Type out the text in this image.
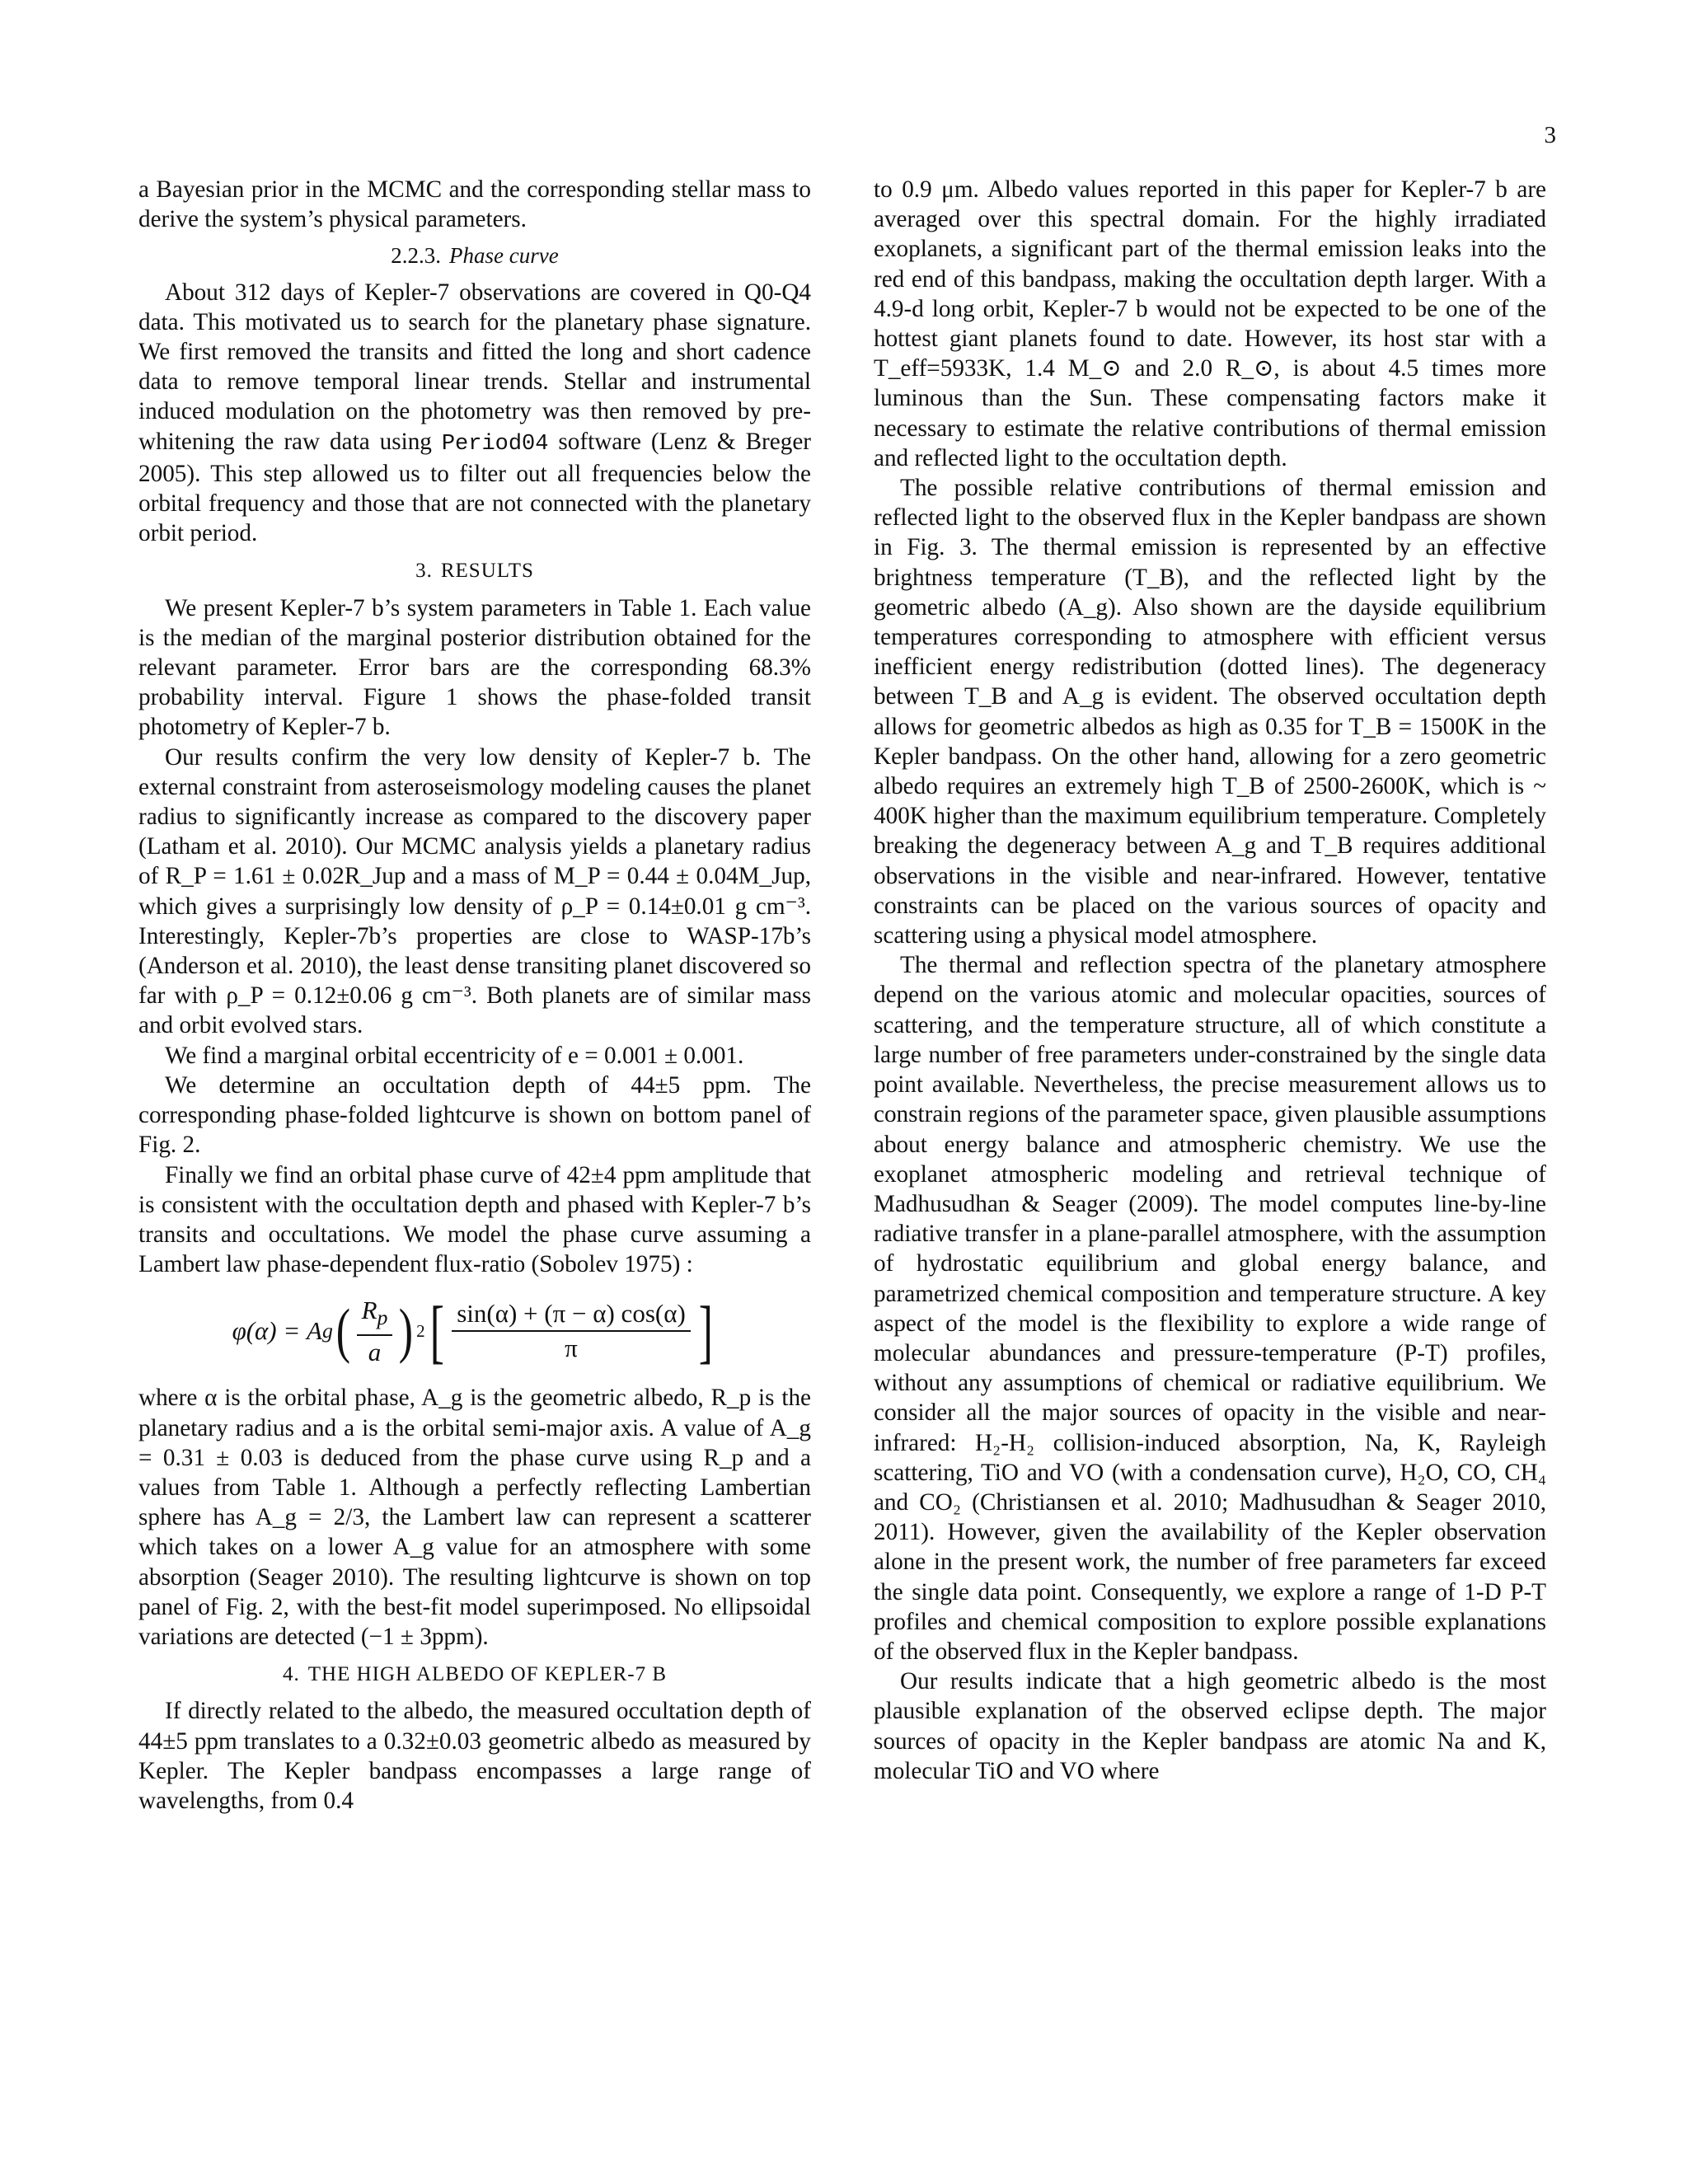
3

a Bayesian prior in the MCMC and the corresponding stellar mass to derive the system’s physical parameters.

2.2.3. Phase curve

About 312 days of Kepler-7 observations are covered in Q0-Q4 data. This motivated us to search for the planetary phase signature. We first removed the transits and fitted the long and short cadence data to remove temporal linear trends. Stellar and instrumental induced modulation on the photometry was then removed by pre-whitening the raw data using Period04 software (Lenz & Breger 2005). This step allowed us to filter out all frequencies below the orbital frequency and those that are not connected with the planetary orbit period.

3. RESULTS

We present Kepler-7 b’s system parameters in Table 1. Each value is the median of the marginal posterior distribution obtained for the relevant parameter. Error bars are the corresponding 68.3% probability interval. Figure 1 shows the phase-folded transit photometry of Kepler-7 b.

Our results confirm the very low density of Kepler-7 b. The external constraint from asteroseismology modeling causes the planet radius to significantly increase as compared to the discovery paper (Latham et al. 2010). Our MCMC analysis yields a planetary radius of R_P = 1.61 ± 0.02R_Jup and a mass of M_P = 0.44 ± 0.04M_Jup, which gives a surprisingly low density of ρ_P = 0.14±0.01 g cm⁻³. Interestingly, Kepler-7b’s properties are close to WASP-17b’s (Anderson et al. 2010), the least dense transiting planet discovered so far with ρ_P = 0.12±0.06 g cm⁻³. Both planets are of similar mass and orbit evolved stars.

We find a marginal orbital eccentricity of e = 0.001 ± 0.001.

We determine an occultation depth of 44±5 ppm. The corresponding phase-folded lightcurve is shown on bottom panel of Fig. 2.

Finally we find an orbital phase curve of 42±4 ppm amplitude that is consistent with the occultation depth and phased with Kepler-7 b’s transits and occultations. We model the phase curve assuming a Lambert law phase-dependent flux-ratio (Sobolev 1975) :

φ(α) = A g ( $\frac{R_p}{a}$ ) 2 [ $\frac{\sin(\alpha) + (\pi - \alpha) \cos(\alpha)}{\pi}$ ]

where α is the orbital phase, A_g is the geometric albedo, R_p is the planetary radius and a is the orbital semi-major axis. A value of A_g = 0.31 ± 0.03 is deduced from the phase curve using R_p and a values from Table 1. Although a perfectly reflecting Lambertian sphere has A_g = 2/3, the Lambert law can represent a scatterer which takes on a lower A_g value for an atmosphere with some absorption (Seager 2010). The resulting lightcurve is shown on top panel of Fig. 2, with the best-fit model superimposed. No ellipsoidal variations are detected (−1 ± 3ppm).

4. THE HIGH ALBEDO OF KEPLER-7 B

If directly related to the albedo, the measured occultation depth of 44±5 ppm translates to a 0.32±0.03 geometric albedo as measured by Kepler. The Kepler bandpass encompasses a large range of wavelengths, from 0.4

to 0.9 μm. Albedo values reported in this paper for Kepler-7 b are averaged over this spectral domain. For the highly irradiated exoplanets, a significant part of the thermal emission leaks into the red end of this bandpass, making the occultation depth larger. With a 4.9-d long orbit, Kepler-7 b would not be expected to be one of the hottest giant planets found to date. However, its host star with a T_eff=5933K, 1.4 M_⊙ and 2.0 R_⊙, is about 4.5 times more luminous than the Sun. These compensating factors make it necessary to estimate the relative contributions of thermal emission and reflected light to the occultation depth.

The possible relative contributions of thermal emission and reflected light to the observed flux in the Kepler bandpass are shown in Fig. 3. The thermal emission is represented by an effective brightness temperature (T_B), and the reflected light by the geometric albedo (A_g). Also shown are the dayside equilibrium temperatures corresponding to atmosphere with efficient versus inefficient energy redistribution (dotted lines). The degeneracy between T_B and A_g is evident. The observed occultation depth allows for geometric albedos as high as 0.35 for T_B = 1500K in the Kepler bandpass. On the other hand, allowing for a zero geometric albedo requires an extremely high T_B of 2500-2600K, which is ~ 400K higher than the maximum equilibrium temperature. Completely breaking the degeneracy between A_g and T_B requires additional observations in the visible and near-infrared. However, tentative constraints can be placed on the various sources of opacity and scattering using a physical model atmosphere.

The thermal and reflection spectra of the planetary atmosphere depend on the various atomic and molecular opacities, sources of scattering, and the temperature structure, all of which constitute a large number of free parameters under-constrained by the single data point available. Nevertheless, the precise measurement allows us to constrain regions of the parameter space, given plausible assumptions about energy balance and atmospheric chemistry. We use the exoplanet atmospheric modeling and retrieval technique of Madhusudhan & Seager (2009). The model computes line-by-line radiative transfer in a plane-parallel atmosphere, with the assumption of hydrostatic equilibrium and global energy balance, and parametrized chemical composition and temperature structure. A key aspect of the model is the flexibility to explore a wide range of molecular abundances and pressure-temperature (P-T) profiles, without any assumptions of chemical or radiative equilibrium. We consider all the major sources of opacity in the visible and near-infrared: H₂-H₂ collision-induced absorption, Na, K, Rayleigh scattering, TiO and VO (with a condensation curve), H₂O, CO, CH₄ and CO₂ (Christiansen et al. 2010; Madhusudhan & Seager 2010, 2011). However, given the availability of the Kepler observation alone in the present work, the number of free parameters far exceed the single data point. Consequently, we explore a range of 1-D P-T profiles and chemical composition to explore possible explanations of the observed flux in the Kepler bandpass.

Our results indicate that a high geometric albedo is the most plausible explanation of the observed eclipse depth. The major sources of opacity in the Kepler bandpass are atomic Na and K, molecular TiO and VO where
